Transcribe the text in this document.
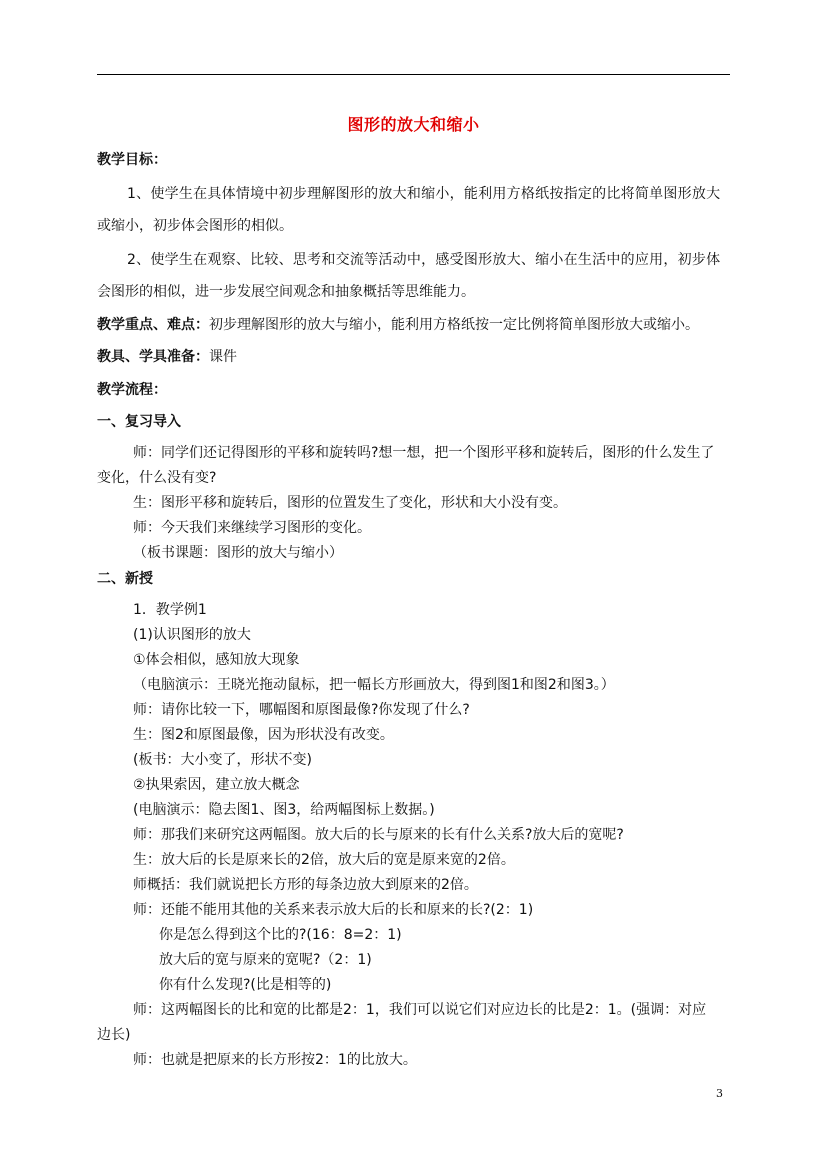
图形的放大和缩小
教学目标：
1、使学生在具体情境中初步理解图形的放大和缩小，能利用方格纸按指定的比将简单图形放大
或缩小，初步体会图形的相似。
2、使学生在观察、比较、思考和交流等活动中，感受图形放大、缩小在生活中的应用，初步体
会图形的相似，进一步发展空间观念和抽象概括等思维能力。
教学重点、难点：初步理解图形的放大与缩小，能利用方格纸按一定比例将简单图形放大或缩小。
教具、学具准备：课件
教学流程：
一、复习导入
师：同学们还记得图形的平移和旋转吗?想一想，把一个图形平移和旋转后，图形的什么发生了
变化，什么没有变?
生：图形平移和旋转后，图形的位置发生了变化，形状和大小没有变。
师：今天我们来继续学习图形的变化。
（板书课题：图形的放大与缩小）
二、新授
1．教学例1
(1)认识图形的放大
①体会相似，感知放大现象
（电脑演示：王晓光拖动鼠标，把一幅长方形画放大，得到图1和图2和图3。）
师：请你比较一下，哪幅图和原图最像?你发现了什么?
生：图2和原图最像，因为形状没有改变。
(板书：大小变了，形状不变)
②执果索因，建立放大概念
(电脑演示：隐去图1、图3，给两幅图标上数据。)
师：那我们来研究这两幅图。放大后的长与原来的长有什么关系?放大后的宽呢?
生：放大后的长是原来长的2倍，放大后的宽是原来宽的2倍。
师概括：我们就说把长方形的每条边放大到原来的2倍。
师：还能不能用其他的关系来表示放大后的长和原来的长?(2：1)
你是怎么得到这个比的?(16：8=2：1)
放大后的宽与原来的宽呢?（2：1)
你有什么发现?(比是相等的)
师：这两幅图长的比和宽的比都是2：1，我们可以说它们对应边长的比是2：1。(强调：对应
边长)
师：也就是把原来的长方形按2：1的比放大。
3
